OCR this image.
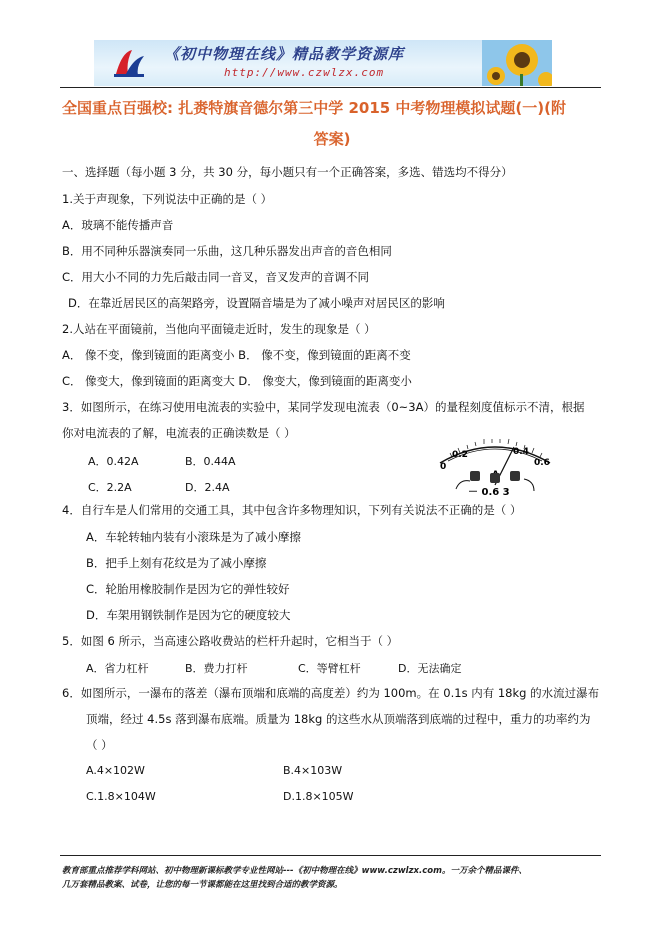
《初中物理在线》精品教学资源库
http://www.czwlzx.com
全国重点百强校: 扎赉特旗音德尔第三中学 2015 中考物理模拟试题(一)(附
答案)
一、选择题（每小题 3 分，共 30 分，每小题只有一个正确答案，多选、错选均不得分）
1.关于声现象，下列说法中正确的是（ ）
A．玻璃不能传播声音
B．用不同种乐器演奏同一乐曲，这几种乐器发出声音的音色相同
C．用大小不同的力先后敲击同一音叉，音叉发声的音调不同
D．在靠近居民区的高架路旁，设置隔音墙是为了减小噪声对居民区的影响
2.人站在平面镜前，当他向平面镜走近时，发生的现象是（ ）
A． 像不变，像到镜面的距离变小 B． 像不变，像到镜面的距离不变
C． 像变大，像到镜面的距离变大 D． 像变大，像到镜面的距离变小
3．如图所示，在练习使用电流表的实验中，某同学发现电流表（0~3A）的量程刻度值标示不清，根据
你对电流表的了解，电流表的正确读数是（ ）
A．0.42A	B．0.44A
C．2.2A	D．2.4A
0
0.2	0.4
0.6
－ 0.6 3
4．自行车是人们常用的交通工具，其中包含许多物理知识，下列有关说法不正确的是（ ）
A．车轮转轴内装有小滚珠是为了减小摩擦
B．把手上刻有花纹是为了减小摩擦
C．轮胎用橡胶制作是因为它的弹性较好
D．车架用钢铁制作是因为它的硬度较大
5．如图 6 所示，当高速公路收费站的栏杆升起时，它相当于（ ）
A．省力杠杆	B．费力打杆	C．等臂杠杆	D．无法确定
6．如图所示，一瀑布的落差（瀑布顶端和底端的高度差）约为 100m。在 0.1s 内有 18kg 的水流过瀑布
顶端，经过 4.5s 落到瀑布底端。质量为 18kg 的这些水从顶端落到底端的过程中，重力的功率约为
（ ）
A.4×102W	B.4×103W
C.1.8×104W	D.1.8×105W
教育部重点推荐学科网站、初中物理新课标教学专业性网站---《初中物理在线》www.czwlzx.com。一万余个精品课件、
几万套精品教案、试卷，让您的每一节课都能在这里找到合适的教学资源。
